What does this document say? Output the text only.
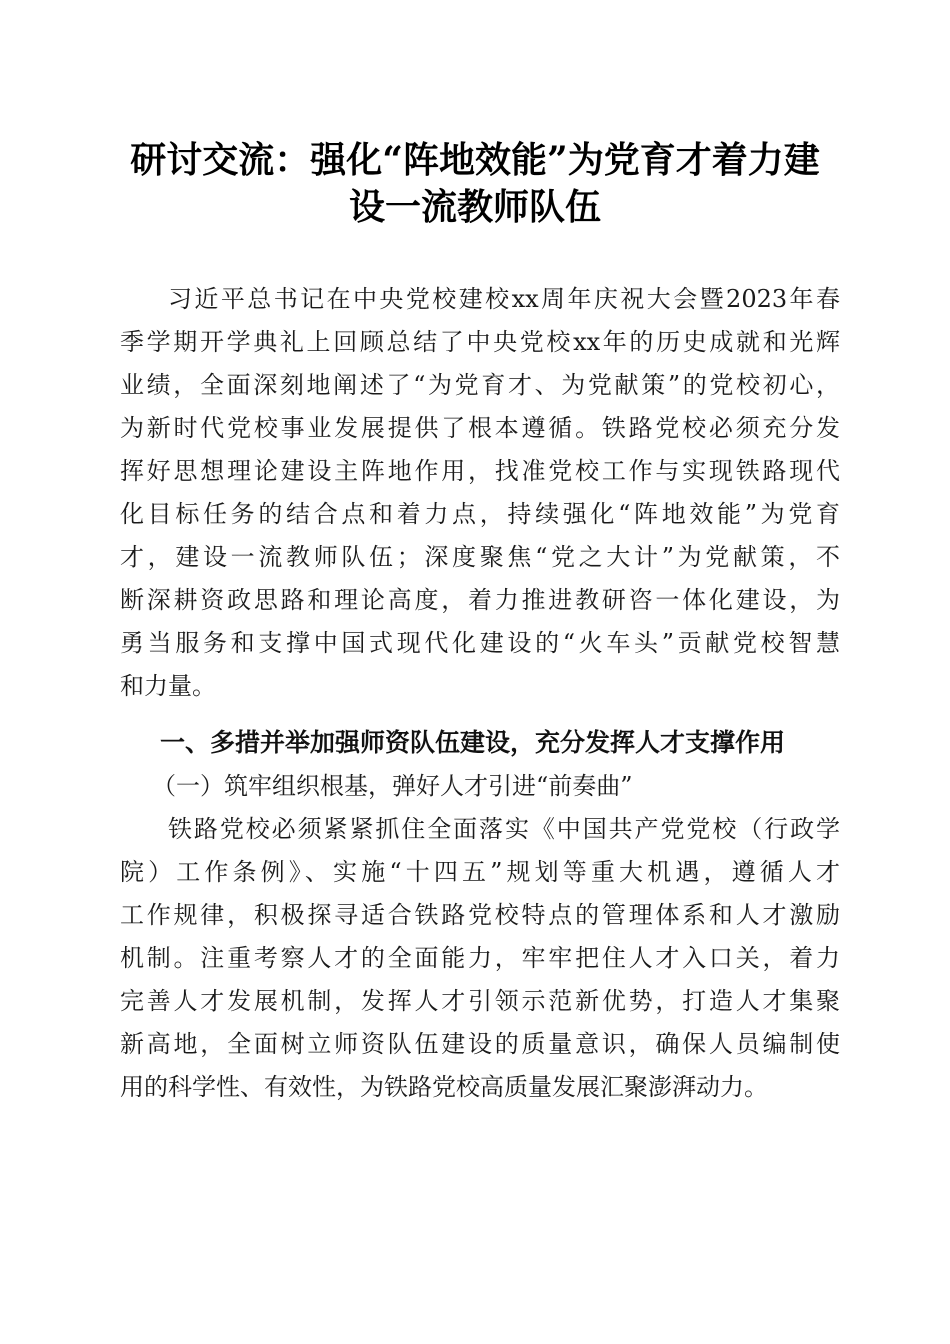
研讨交流：强化“阵地效能”为党育才着力建
设一流教师队伍
习近平总书记在中央党校建校xx周年庆祝大会暨2023年春
季学期开学典礼上回顾总结了中央党校xx年的历史成就和光辉
业绩，全面深刻地阐述了“为党育才、为党献策”的党校初心，
为新时代党校事业发展提供了根本遵循。铁路党校必须充分发
挥好思想理论建设主阵地作用，找准党校工作与实现铁路现代
化目标任务的结合点和着力点，持续强化“阵地效能”为党育
才，建设一流教师队伍；深度聚焦“党之大计”为党献策，不
断深耕资政思路和理论高度，着力推进教研咨一体化建设，为
勇当服务和支撑中国式现代化建设的“火车头”贡献党校智慧
和力量。
一、多措并举加强师资队伍建设，充分发挥人才支撑作用
（一）筑牢组织根基，弹好人才引进“前奏曲”
铁路党校必须紧紧抓住全面落实《中国共产党党校（行政学
院）工作条例》、实施“十四五”规划等重大机遇，遵循人才
工作规律，积极探寻适合铁路党校特点的管理体系和人才激励
机制。注重考察人才的全面能力，牢牢把住人才入口关，着力
完善人才发展机制，发挥人才引领示范新优势，打造人才集聚
新高地，全面树立师资队伍建设的质量意识，确保人员编制使
用的科学性、有效性，为铁路党校高质量发展汇聚澎湃动力。
